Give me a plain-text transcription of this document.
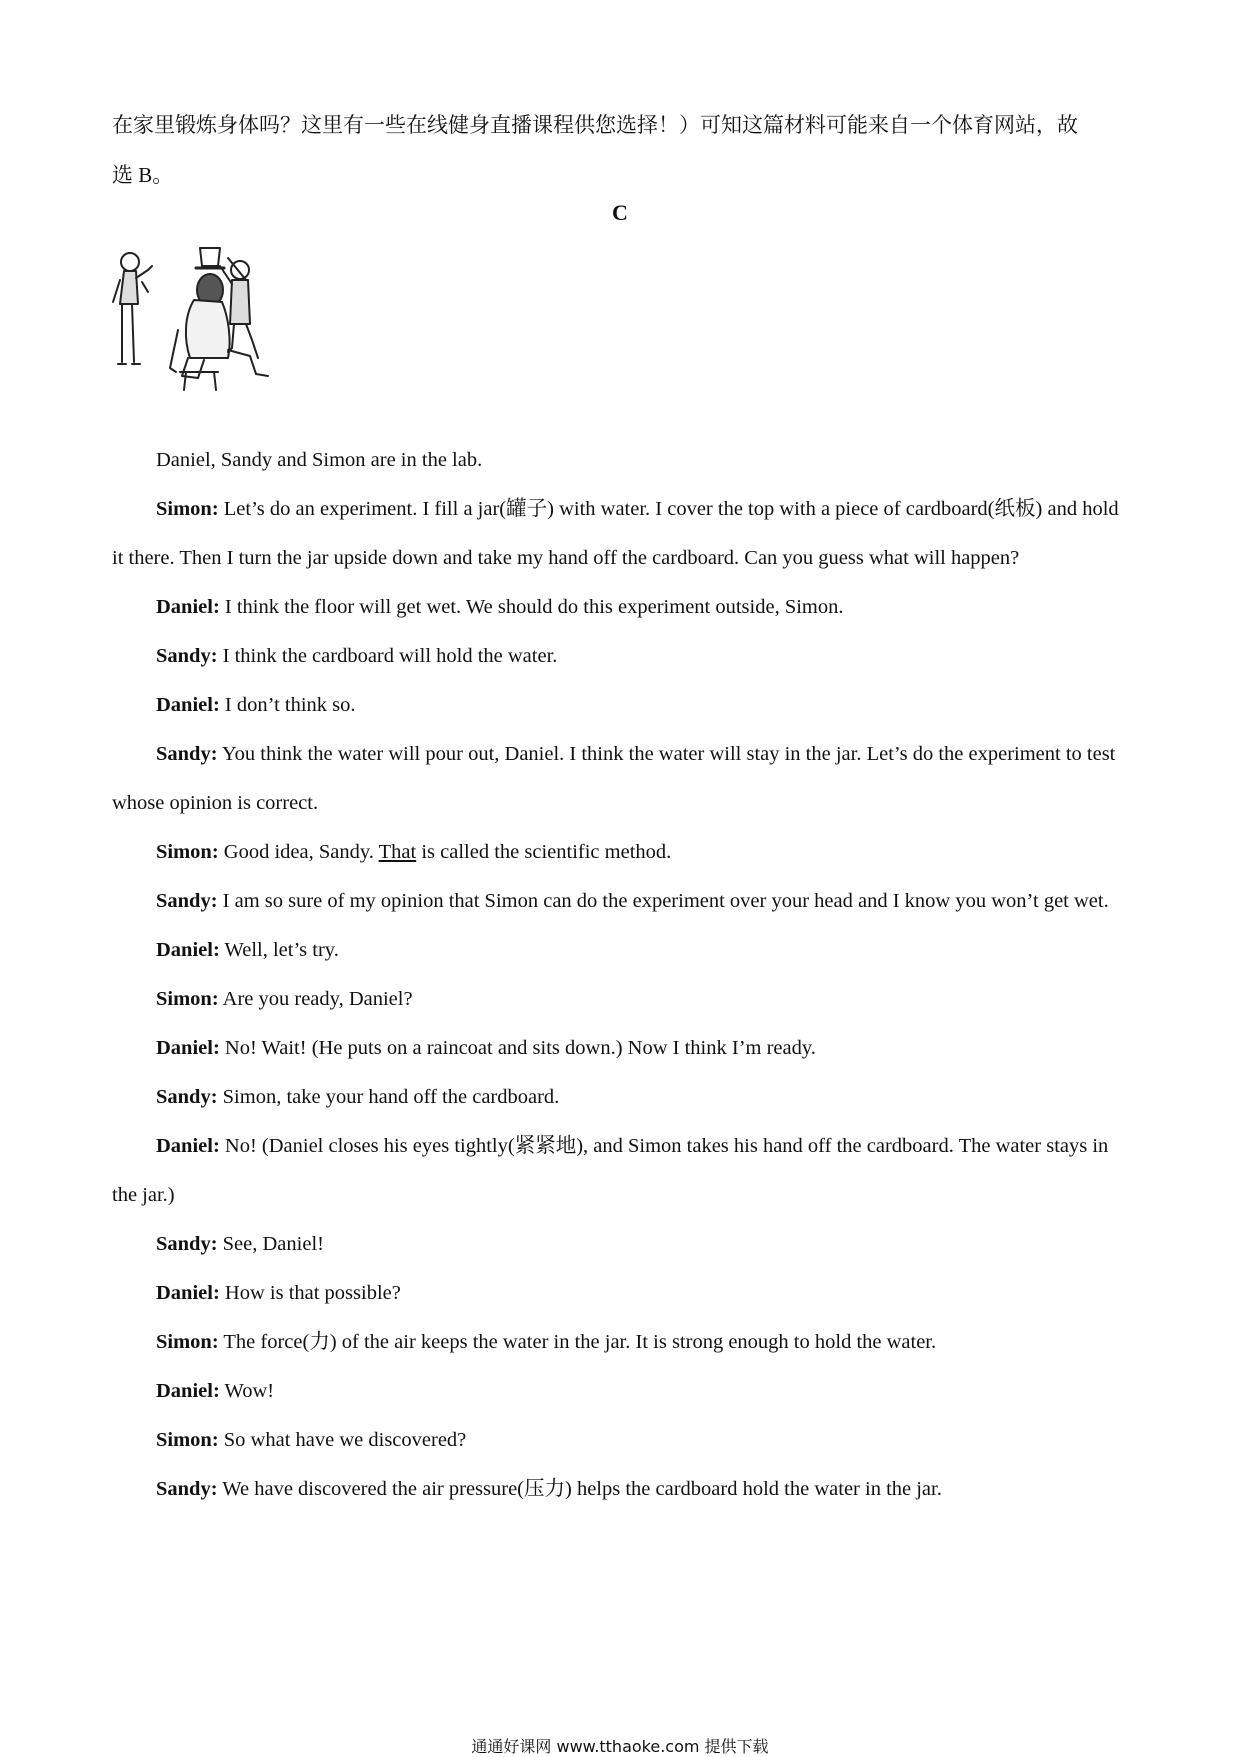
在家里锻炼身体吗？这里有一些在线健身直播课程供您选择！）可知这篇材料可能来自一个体育网站，故
选 B。
C

Daniel, Sandy and Simon are in the lab.

Simon: Let’s do an experiment. I fill a jar(罐子) with water. I cover the top with a piece of cardboard(纸板) and hold it there. Then I turn the jar upside down and take my hand off the cardboard. Can you guess what will happen?

Daniel: I think the floor will get wet. We should do this experiment outside, Simon.

Sandy: I think the cardboard will hold the water.

Daniel: I don’t think so.

Sandy: You think the water will pour out, Daniel. I think the water will stay in the jar. Let’s do the experiment to test whose opinion is correct.

Simon: Good idea, Sandy. That is called the scientific method.

Sandy: I am so sure of my opinion that Simon can do the experiment over your head and I know you won’t get wet.

Daniel: Well, let’s try.

Simon: Are you ready, Daniel?

Daniel: No! Wait! (He puts on a raincoat and sits down.) Now I think I’m ready.

Sandy: Simon, take your hand off the cardboard.

Daniel: No! (Daniel closes his eyes tightly(紧紧地), and Simon takes his hand off the cardboard. The water stays in the jar.)

Sandy: See, Daniel!

Daniel: How is that possible?

Simon: The force(力) of the air keeps the water in the jar. It is strong enough to hold the water.

Daniel: Wow!

Simon: So what have we discovered?

Sandy: We have discovered the air pressure(压力) helps the cardboard hold the water in the jar.

通通好课网 www.tthaoke.com 提供下载
